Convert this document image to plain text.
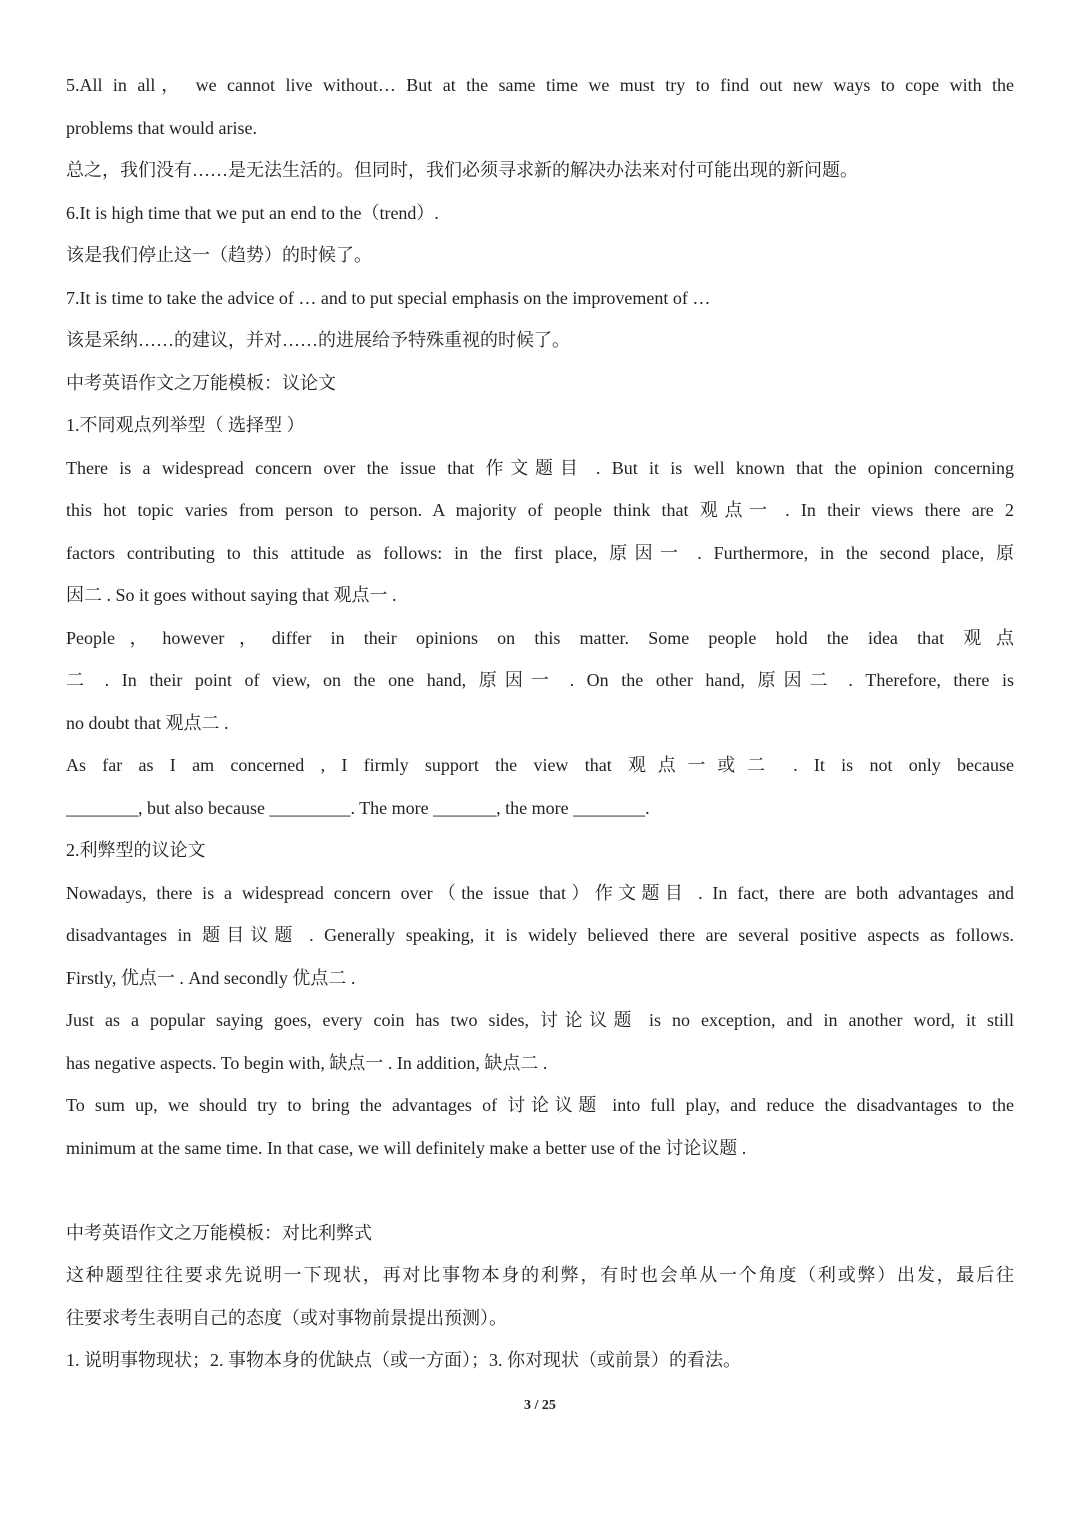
5.All in all， we cannot live without… But at the same time we must try to find out new ways to cope with the
problems that would arise.
总之，我们没有……是无法生活的。但同时，我们必须寻求新的解决办法来对付可能出现的新问题。
6.It is high time that we put an end to the（trend）.
该是我们停止这一（趋势）的时候了。
7.It is time to take the advice of … and to put special emphasis on the improvement of …
该是采纳……的建议，并对……的进展给予特殊重视的时候了。
中考英语作文之万能模板：议论文
1.不同观点列举型（ 选择型 ）
There is a widespread concern over the issue that 作文题目 . But it is well known that the opinion concerning
this hot topic varies from person to person. A majority of people think that 观点一 . In their views there are 2
factors contributing to this attitude as follows: in the first place, 原因一 . Furthermore, in the second place, 原
因二 . So it goes without saying that 观点一 .
People，however，differ in their opinions on this matter. Some people hold the idea that 观点
二 . In their point of view, on the one hand, 原因一 . On the other hand, 原因二 . Therefore, there is
no doubt that 观点二 .
As far as I am concerned , I firmly support the view that 观点一或二 . It is not only because
________, but also because _________. The more _______, the more ________.
2.利弊型的议论文
Nowadays, there is a widespread concern over（the issue that）作文题目 . In fact, there are both advantages and
disadvantages in 题目议题 . Generally speaking, it is widely believed there are several positive aspects as follows.
Firstly, 优点一 . And secondly 优点二 .
Just as a popular saying goes, every coin has two sides, 讨论议题 is no exception, and in another word, it still
has negative aspects. To begin with, 缺点一 . In addition, 缺点二 .
To sum up, we should try to bring the advantages of 讨论议题 into full play, and reduce the disadvantages to the
minimum at the same time. In that case, we will definitely make a better use of the 讨论议题 .
中考英语作文之万能模板：对比利弊式
这种题型往往要求先说明一下现状，再对比事物本身的利弊，有时也会单从一个角度（利或弊）出发，最后往
往要求考生表明自己的态度（或对事物前景提出预测）。
1. 说明事物现状；2. 事物本身的优缺点（或一方面）；3. 你对现状（或前景）的看法。
3 / 25
